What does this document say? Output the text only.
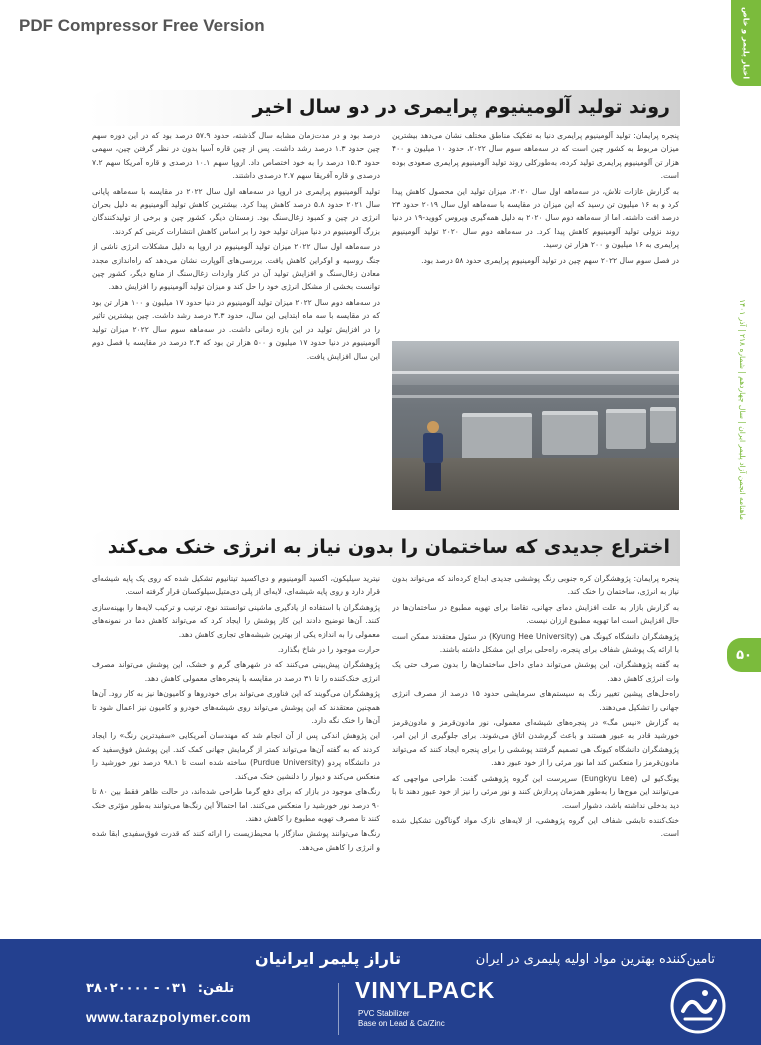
PDF Compressor Free Version	اخبار پلیمر و خاص
ماهنامه انجمن آزاد پلیمر ایران | سال چهاردهم | شماره ۲۱۸ | آذر ۱۴۰۱
۵۰
روند تولید آلومینیوم پرایمری در دو سال اخیر

پنجره پرایمان: تولید آلومینیوم پرایمری دنیا به تفکیک مناطق مختلف نشان می‌دهد بیشترین میزان مربوط به کشور چین است که در سه‌ماهه سوم سال ۲۰۲۲، حدود ۱۰ میلیون و ۴۰۰ هزار تن آلومینیوم پرایمری تولید کرده، به‌طورکلی روند تولید آلومینیوم پرایمری صعودی بوده است.

به گزارش غازات تلاش، در سه‌ماهه اول سال ۲۰۲۰، میزان تولید این محصول کاهش پیدا کرد و به ۱۶ میلیون تن رسید که این میزان در مقایسه با سه‌ماهه اول سال ۲۰۱۹ حدود ۲۳ درصد افت داشته. اما از سه‌ماهه دوم سال ۲۰۲۰ به دلیل همه‌گیری ویروس کووید-۱۹ در دنیا روند نزولی تولید آلومینیوم کاهش پیدا کرد. در سه‌ماهه دوم سال ۲۰۲۰ تولید آلومینیوم پرایمری به ۱۶ میلیون و ۲۰۰ هزار تن رسید.

در فصل سوم سال ۲۰۲۲ سهم چین در تولید آلومینیوم پرایمری حدود ۵۸ درصد بود.

درصد بود و در مدت‌زمان مشابه سال گذشته، حدود ۵۷.۹ درصد بود که در این دوره سهم چین حدود ۱.۳ درصد رشد داشت. پس از چین قاره آسیا بدون در نظر گرفتن چین، سهمی حدود ۱۵.۳ درصد را به خود اختصاص داد. اروپا سهم ۱۰.۱ درصدی و قاره آمریکا سهم ۷.۲ درصدی و قاره آفریقا سهم ۲.۷ درصدی داشتند.

تولید آلومینیوم پرایمری در اروپا در سه‌ماهه اول سال ۲۰۲۲ در مقایسه با سه‌ماهه پایانی سال ۲۰۲۱ حدود ۵.۸ درصد کاهش پیدا کرد. بیشترین کاهش تولید آلومینیوم به دلیل بحران انرژی در چین و کمبود زغال‌سنگ بود. زمستان دیگر، کشور چین و برخی از تولیدکنندگان بزرگ آلومینیوم در دنیا میزان تولید خود را بر اساس کاهش انتشارات کربنی کم کردند.

در سه‌ماهه اول سال ۲۰۲۲ میزان تولید آلومینیوم در اروپا به دلیل مشکلات انرژی ناشی از جنگ روسیه و اوکراین کاهش یافت. بررسی‌های آلوپارت نشان می‌دهد که راه‌اندازی مجدد معادن زغال‌سنگ و افزایش تولید آن در کنار واردات زغال‌سنگ از منابع دیگر، کشور چین توانست بخشی از مشکل انرژی خود را حل کند و میزان تولید آلومینیوم را افزایش دهد.

در سه‌ماهه دوم سال ۲۰۲۲ میزان تولید آلومینیوم در دنیا حدود ۱۷ میلیون و ۱۰۰ هزار تن بود که در مقایسه با سه ماه ابتدایی این سال، حدود ۳.۳ درصد رشد داشت. چین بیشترین تاثیر را در افزایش تولید در این بازه زمانی داشت. در سه‌ماهه سوم سال ۲۰۲۲ میزان تولید آلومینیوم در دنیا حدود ۱۷ میلیون و ۵۰۰ هزار تن بود که ۲.۴ درصد در مقایسه با فصل دوم این سال افزایش یافت.

اختراع جدیدی که ساختمان را بدون نیاز به انرژی خنک می‌کند

پنجره پرایمان: پژوهشگران کره جنوبی رنگ پوششی جدیدی ابداع کرده‌اند که می‌تواند بدون نیاز به انرژی، ساختمان را خنک کند.

به گزارش بازار به علت افزایش دمای جهانی، تقاضا برای تهویه مطبوع در ساختمان‌ها در حال افزایش است اما تهویه مطبوع ارزان نیست.

پژوهشگران دانشگاه کیونگ هی (Kyung Hee University) در سئول معتقدند ممکن است با ارائه یک پوشش شفاف برای پنجره، راه‌حلی برای این مشکل داشته باشند.

به گفته پژوهشگران، این پوشش می‌تواند دمای داخل ساختمان‌ها را بدون صرف حتی یک وات انرژی کاهش دهد.

راه‌حل‌های پیشین تغییر رنگ به سیستم‌های سرمایشی حدود ۱۵ درصد از مصرف انرژی جهانی را تشکیل می‌دهند.

به گزارش «نیس مگ» در پنجره‌های شیشه‌ای معمولی، نور مادون‌قرمز و مادون‌قرمز خورشید قادر به عبور هستند و باعث گرم‌شدن اتاق می‌شوند. برای جلوگیری از این امر، پژوهشگران دانشگاه کیونگ هی تصمیم گرفتند پوششی را برای پنجره ایجاد کنند که می‌تواند مادون‌قرمز را منعکس کند اما نور مرئی را از خود عبور دهد.

یونگ‌کیو لی (Eungkyu Lee) سرپرست این گروه پژوهشی گفت: طراحی مواجهی که می‌توانند این موج‌ها را به‌طور همزمان پردازش کنند و نور مرئی را نیز از خود عبور دهند تا با دید بدخلی نداشته باشد، دشوار است.

خنک‌کننده تابشی شفاف این گروه پژوهشی، از لایه‌های نازک مواد گوناگون تشکیل شده است.

نیترید سیلیکون، اکسید آلومینیوم و دی‌اکسید تیتانیوم تشکیل شده که روی یک پایه شیشه‌ای قرار دارد و روی پایه شیشه‌ای، لایه‌ای از پلی دی‌متیل‌سیلوکسان قرار گرفته است.

پژوهشگران با استفاده از یادگیری ماشینی توانستند نوع، ترتیب و ترکیب لایه‌ها را بهینه‌سازی کنند. آن‌ها توضیح دادند این کار پوشش را ایجاد کرد که می‌تواند کاهش دما در نمونه‌های معمولی را به اندازه یکی از بهترین شیشه‌های تجاری کاهش دهد.

حرارت موجود را در شاخ بگذارد.

پژوهشگران پیش‌بینی می‌کنند که در شهرهای گرم و خشک، این پوشش می‌تواند مصرف انرژی خنک‌کننده را تا ۳۱ درصد در مقایسه با پنجره‌های معمولی کاهش دهد.

پژوهشگران می‌گویند که این فناوری می‌تواند برای خودروها و کامیون‌ها نیز به کار رود. آن‌ها همچنین معتقدند که این پوشش می‌تواند روی شیشه‌های خودرو و کامیون نیز اعمال شود تا آن‌ها را خنک نگه دارد.

این پژوهش اندکی پس از آن انجام شد که مهندسان آمریکایی «سفیدترین رنگ» را ایجاد کردند که به گفته آن‌ها می‌تواند کمتر از گرمایش جهانی کمک کند. این پوشش فوق‌سفید که در دانشگاه پردو (Purdue University) ساخته شده است تا ۹۸.۱ درصد نور خورشید را منعکس می‌کند و دیوار را دلنشین خنک می‌کند.

رنگ‌های موجود در بازار که برای دفع گرما طراحی شده‌اند، در حالت ظاهر فقط بین ۸۰ تا ۹۰ درصد نور خورشید را منعکس می‌کنند. اما احتمالاً این رنگ‌ها می‌توانند به‌طور مؤثری خنک کنند تا مصرف تهویه مطبوع را کاهش دهند.

رنگ‌ها می‌توانند پوشش سازگار با محیط‌زیست را ارائه کنند که قدرت فوق‌سفیدی ابقا شده و انرژی را کاهش می‌دهد.

تاراز پلیمر ایرانیان	تامین‌کننده بهترین مواد اولیه پلیمری در ایران
تلفن:
۰۳۱ - ۳۸۰۲۰۰۰۰
www.tarazpolymer.com
VINYLPACK
PVC Stabilizer
Base on Lead & Ca/Zinc
